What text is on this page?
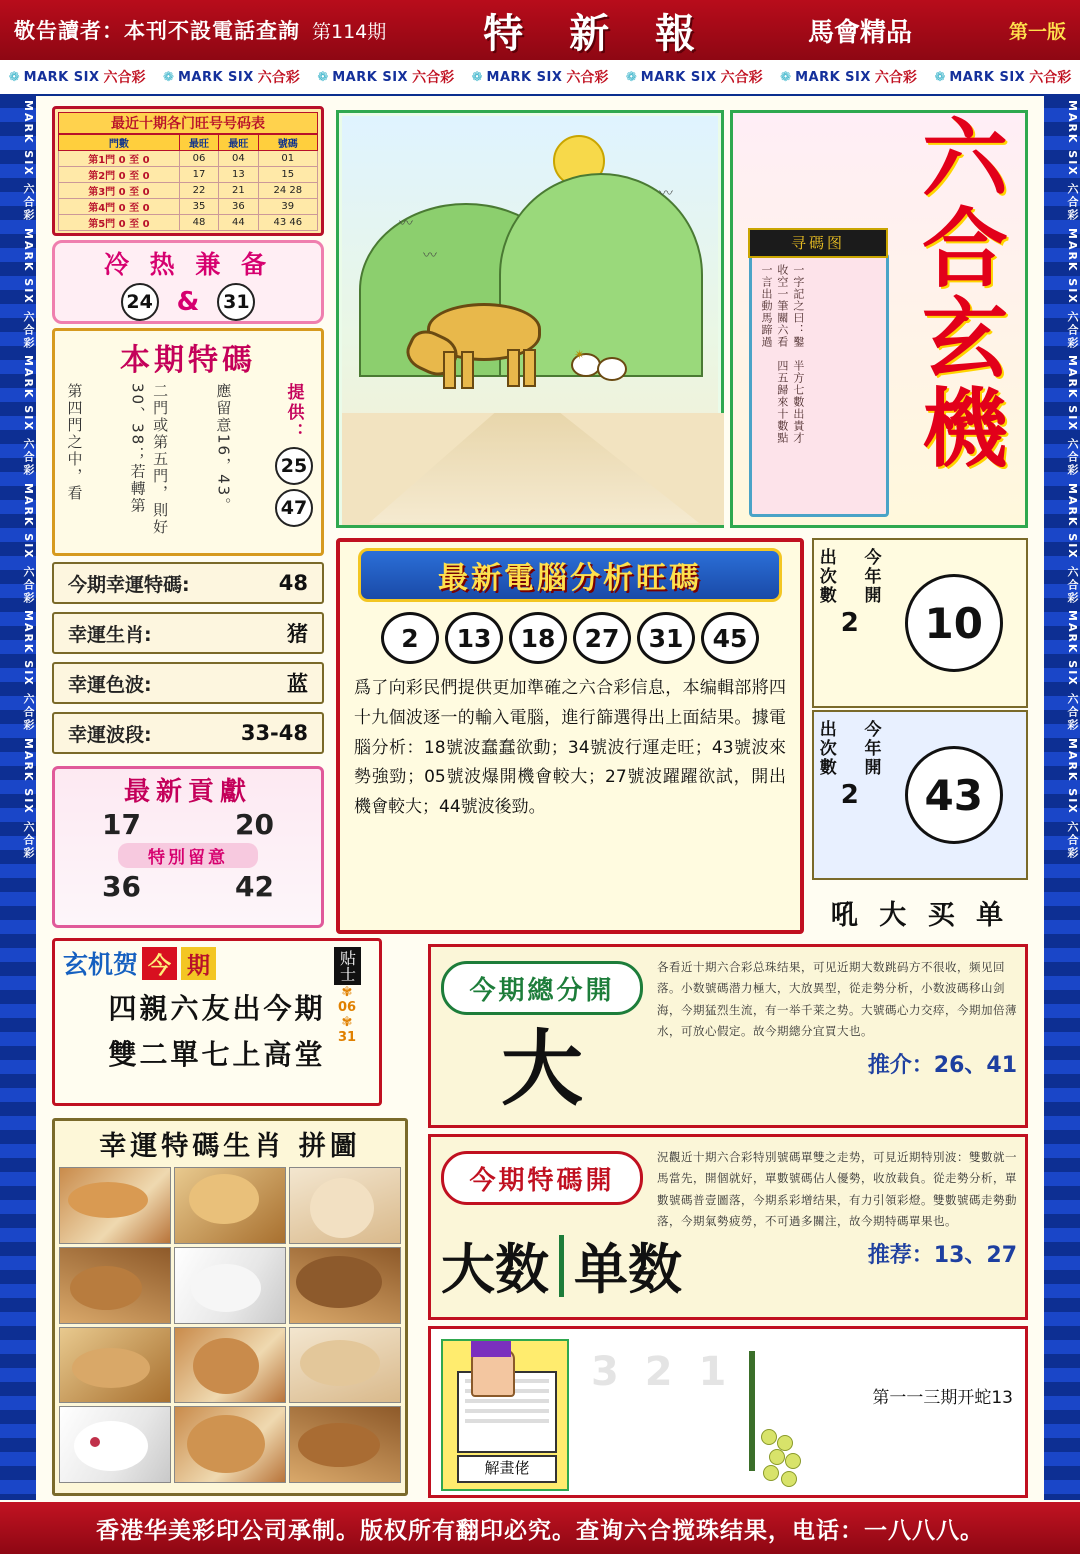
敬告讀者：本刊不設電話查詢 第114期 特 新 報	馬會精品	第一版
❁ MARK SIX 六合彩 ❁ MARK SIX 六合彩 ❁ MARK SIX 六合彩 ❁ MARK SIX 六合彩 ❁ MARK SIX 六合彩 ❁ MARK SIX 六合彩 ❁ MARK SIX 六合彩
MARK SIX 六合彩
MARK SIX 六合彩
MARK SIX 六合彩
MARK SIX 六合彩
MARK SIX 六合彩
MARK SIX 六合彩
MARK SIX 六合彩
MARK SIX 六合彩
MARK SIX 六合彩
MARK SIX 六合彩
MARK SIX 六合彩
MARK SIX 六合彩
最近十期各门旺号号码表
門數	最旺	最旺	號碼
第1門 0 至 0	06	04	01
第2門 0 至 0	17	13	15
第3門 0 至 0	22	21	24 28
第4門 0 至 0	35	36	39
第5門 0 至 0	48	44	43 46
冷 热 兼 备
24 &	31
本期特碼
提供：
25
47
應留意16，43。
二門或第五門，則好30、38；若轉第
第四門之中，看
今期幸運特碼:	48
幸運生肖:	猪
幸運色波:	蓝
幸運波段:	33-48
最新貢獻
17	20
特別留意
36	42
玄机贺 今 期
四親六友出今期
雙二單七上高堂
贴士
✾
06
✾
31
幸運特碼生肖 拼圖
〰
〰
〰
✴	六合玄機
寻碼图
一字記之曰：鑿　半方七數出貴才　收空一筆關六看　四五歸來十數點　一言出動馬蹄過
最新電腦分析旺碼
2	13	18	27	31	45
爲了向彩民們提供更加準確之六合彩信息，本编輯部將四十九個波逐一的輸入電腦，進行篩選得出上面結果。據電腦分析：18號波蠢蠢欲動；34號波行運走旺；43號波來勢強勁；05號波爆開機會較大；27號波躍躍欲試，開出機會較大；44號波後勁。
出次數
2
今年開
10
出次數
2
今年開
43
吼 大 买 单
今期總分開
大
各看近十期六合彩总珠结果，可见近期大数跳码方不很收，频见回落。小数號碼潜力極大，大放異型，從走勢分析，小数波碼移山剑海，今期猛烈生流，有一举千莱之势。大號碼心力交瘁，今期加倍薄水，可放心假定。故今期總分宜買大也。
推介：26、41
今期特碼開
大数 单数
況觀近十期六合彩特別號碼單雙之走势，可見近期特別波：雙數就一馬當先，開個就好，單數號碼佔人優勢，收放载負。從走勢分析，單數號碼普壹圖落，今期系彩增结果，有力引領彩燈。雙數號碼走勢動落，今期氣勢疲勞，不可過多關注，故今期特碼單果也。
推荐：13、27
解畫佬
3 2 1
第一一三期开蛇13
香港华美彩印公司承制。版权所有翻印必究。查询六合搅珠结果，电话：一八八八。
